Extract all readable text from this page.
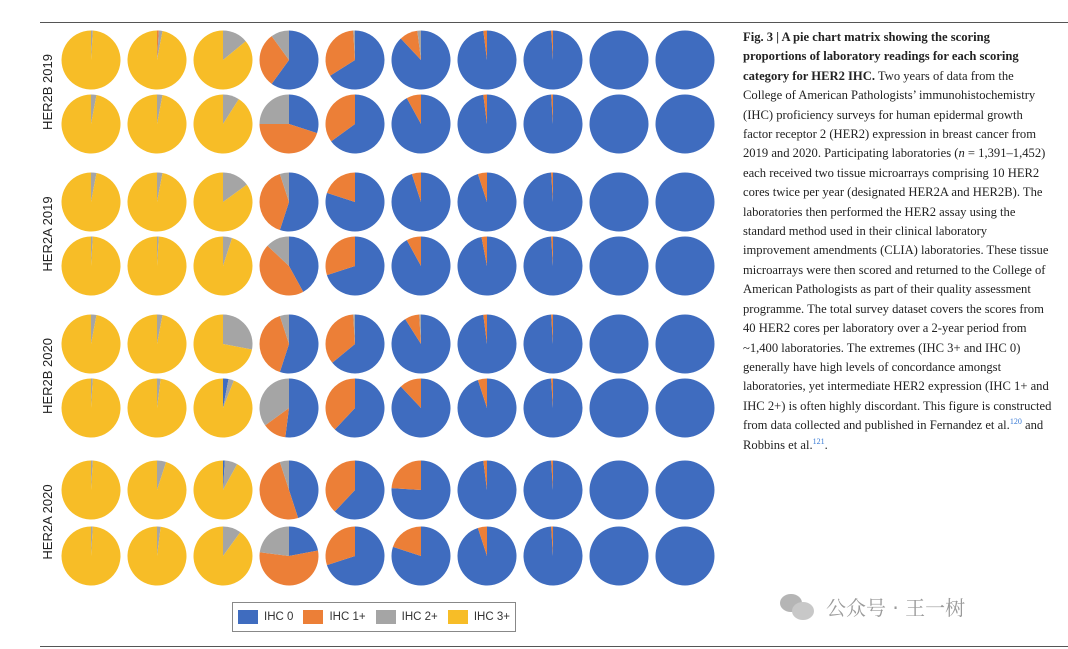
HER2B 2019
HER2A 2019
HER2B 2020
HER2A 2020
IHC 0	IHC 1+	IHC 2+	IHC 3+
Fig. 3 | A pie chart matrix showing the scoring proportions of laboratory readings for each scoring category for HER2 IHC. Two years of data from the College of American Pathologists’ immunohistochemistry (IHC) proficiency surveys for human epidermal growth factor receptor 2 (HER2) expression in breast cancer from 2019 and 2020. Participating laboratories (n = 1,391–1,452) each received two tissue microarrays comprising 10 HER2 cores twice per year (designated HER2A and HER2B). The laboratories then performed the HER2 assay using the standard method used in their clinical laboratory improvement amendments (CLIA) laboratories. These tissue microarrays were then scored and returned to the College of American Pathologists as part of their quality assessment programme. The total survey dataset covers the scores from 40 HER2 cores per laboratory over a 2-year period from ~1,400 laboratories. The extremes (IHC 3+ and IHC 0) generally have high levels of concordance amongst laboratories, yet intermediate HER2 expression (IHC 1+ and IHC 2+) is often highly discordant. This figure is constructed from data collected and published in Fernandez et al.$^{120}$ and Robbins et al.$^{121}$.
公众号 · 王一树
